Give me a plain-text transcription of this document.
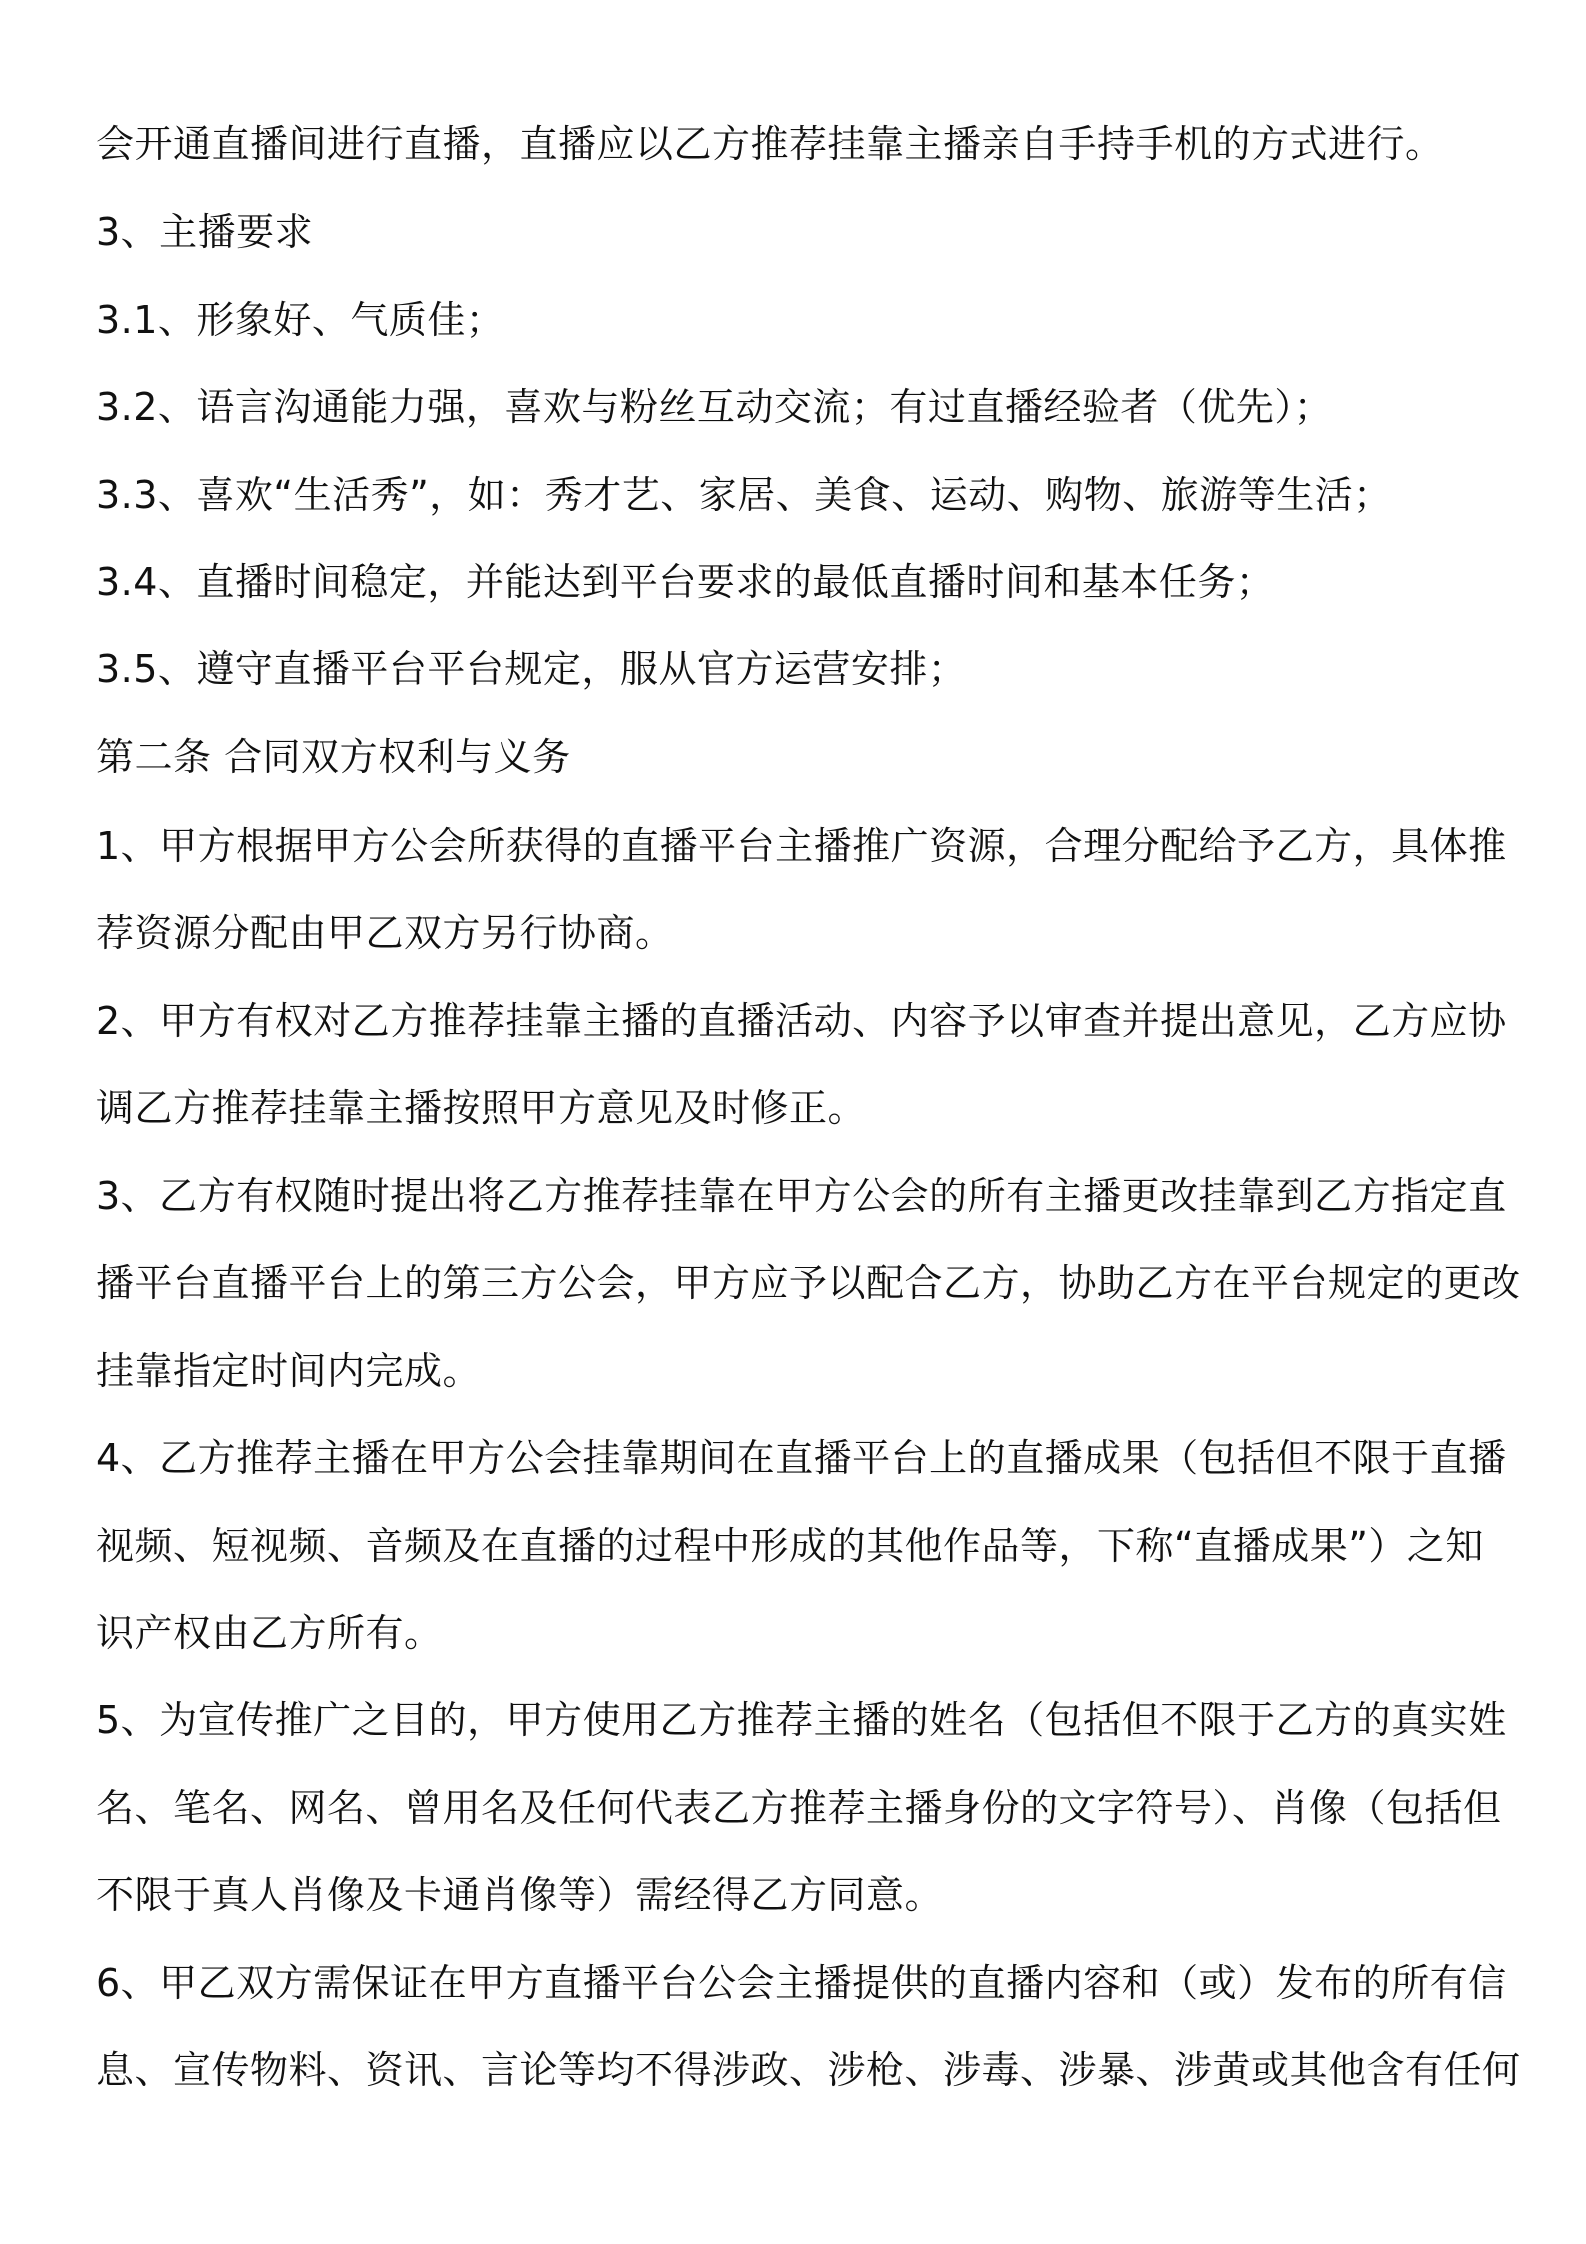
会开通直播间进行直播，直播应以乙方推荐挂靠主播亲自手持手机的方式进行。
3、主播要求
3.1、形象好、气质佳；
3.2、语言沟通能力强，喜欢与粉丝互动交流；有过直播经验者（优先）；
3.3、喜欢“生活秀”，如：秀才艺、家居、美食、运动、购物、旅游等生活；
3.4、直播时间稳定，并能达到平台要求的最低直播时间和基本任务；
3.5、遵守直播平台平台规定，服从官方运营安排；
第二条 合同双方权利与义务
1、甲方根据甲方公会所获得的直播平台主播推广资源，合理分配给予乙方，具体推
荐资源分配由甲乙双方另行协商。
2、甲方有权对乙方推荐挂靠主播的直播活动、内容予以审查并提出意见，乙方应协
调乙方推荐挂靠主播按照甲方意见及时修正。
3、乙方有权随时提出将乙方推荐挂靠在甲方公会的所有主播更改挂靠到乙方指定直
播平台直播平台上的第三方公会，甲方应予以配合乙方，协助乙方在平台规定的更改
挂靠指定时间内完成。
4、乙方推荐主播在甲方公会挂靠期间在直播平台上的直播成果（包括但不限于直播
视频、短视频、音频及在直播的过程中形成的其他作品等，下称“直播成果”）之知
识产权由乙方所有。
5、为宣传推广之目的，甲方使用乙方推荐主播的姓名（包括但不限于乙方的真实姓
名、笔名、网名、曾用名及任何代表乙方推荐主播身份的文字符号）、肖像（包括但
不限于真人肖像及卡通肖像等）需经得乙方同意。
6、甲乙双方需保证在甲方直播平台公会主播提供的直播内容和（或）发布的所有信
息、宣传物料、资讯、言论等均不得涉政、涉枪、涉毒、涉暴、涉黄或其他含有任何
